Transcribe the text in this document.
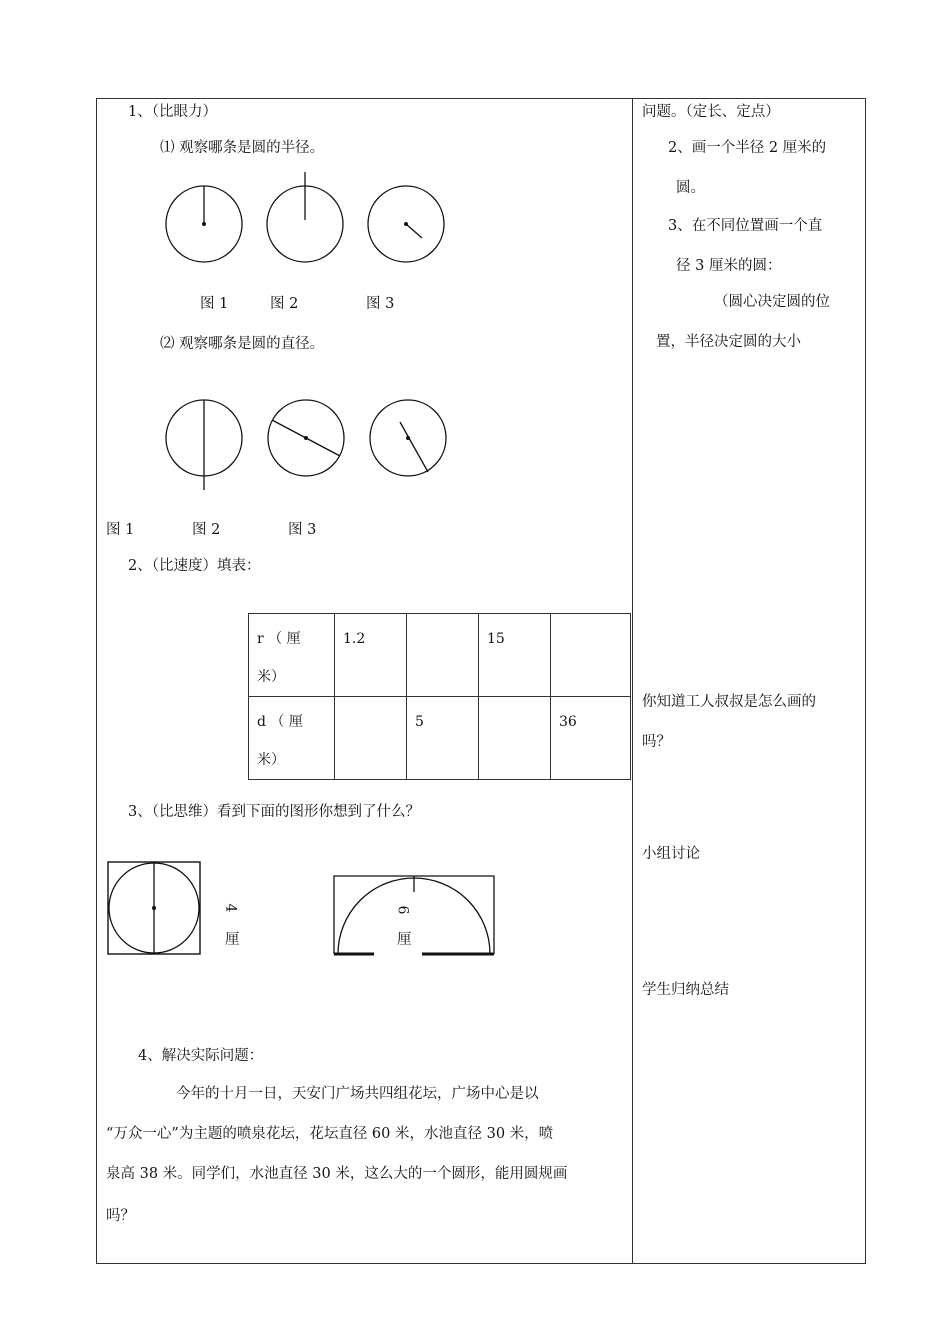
1、（比眼力）
⑴ 观察哪条是圆的半径。
图 1	图 2	图 3
⑵ 观察哪条是圆的直径。
图 1	图 2	图 3
2、（比速度）填表：
r （ 厘
米）	1.2		15	

d （ 厘
米）		5		36
3、（比思维）看到下面的图形你想到了什么？
4
厘
6
厘
4、解决实际问题：
今年的十月一日，天安门广场共四组花坛，广场中心是以
“万众一心”为主题的喷泉花坛，花坛直径 60 米，水池直径 30 米，喷
泉高 38 米。同学们，水池直径 30 米，这么大的一个圆形，能用圆规画
吗？
问题。（定长、定点）
2、画一个半径 2 厘米的
圆。
3、在不同位置画一个直
径 3 厘米的圆：
（圆心决定圆的位
置，半径决定圆的大小
你知道工人叔叔是怎么画的
吗？
小组讨论
学生归纳总结
